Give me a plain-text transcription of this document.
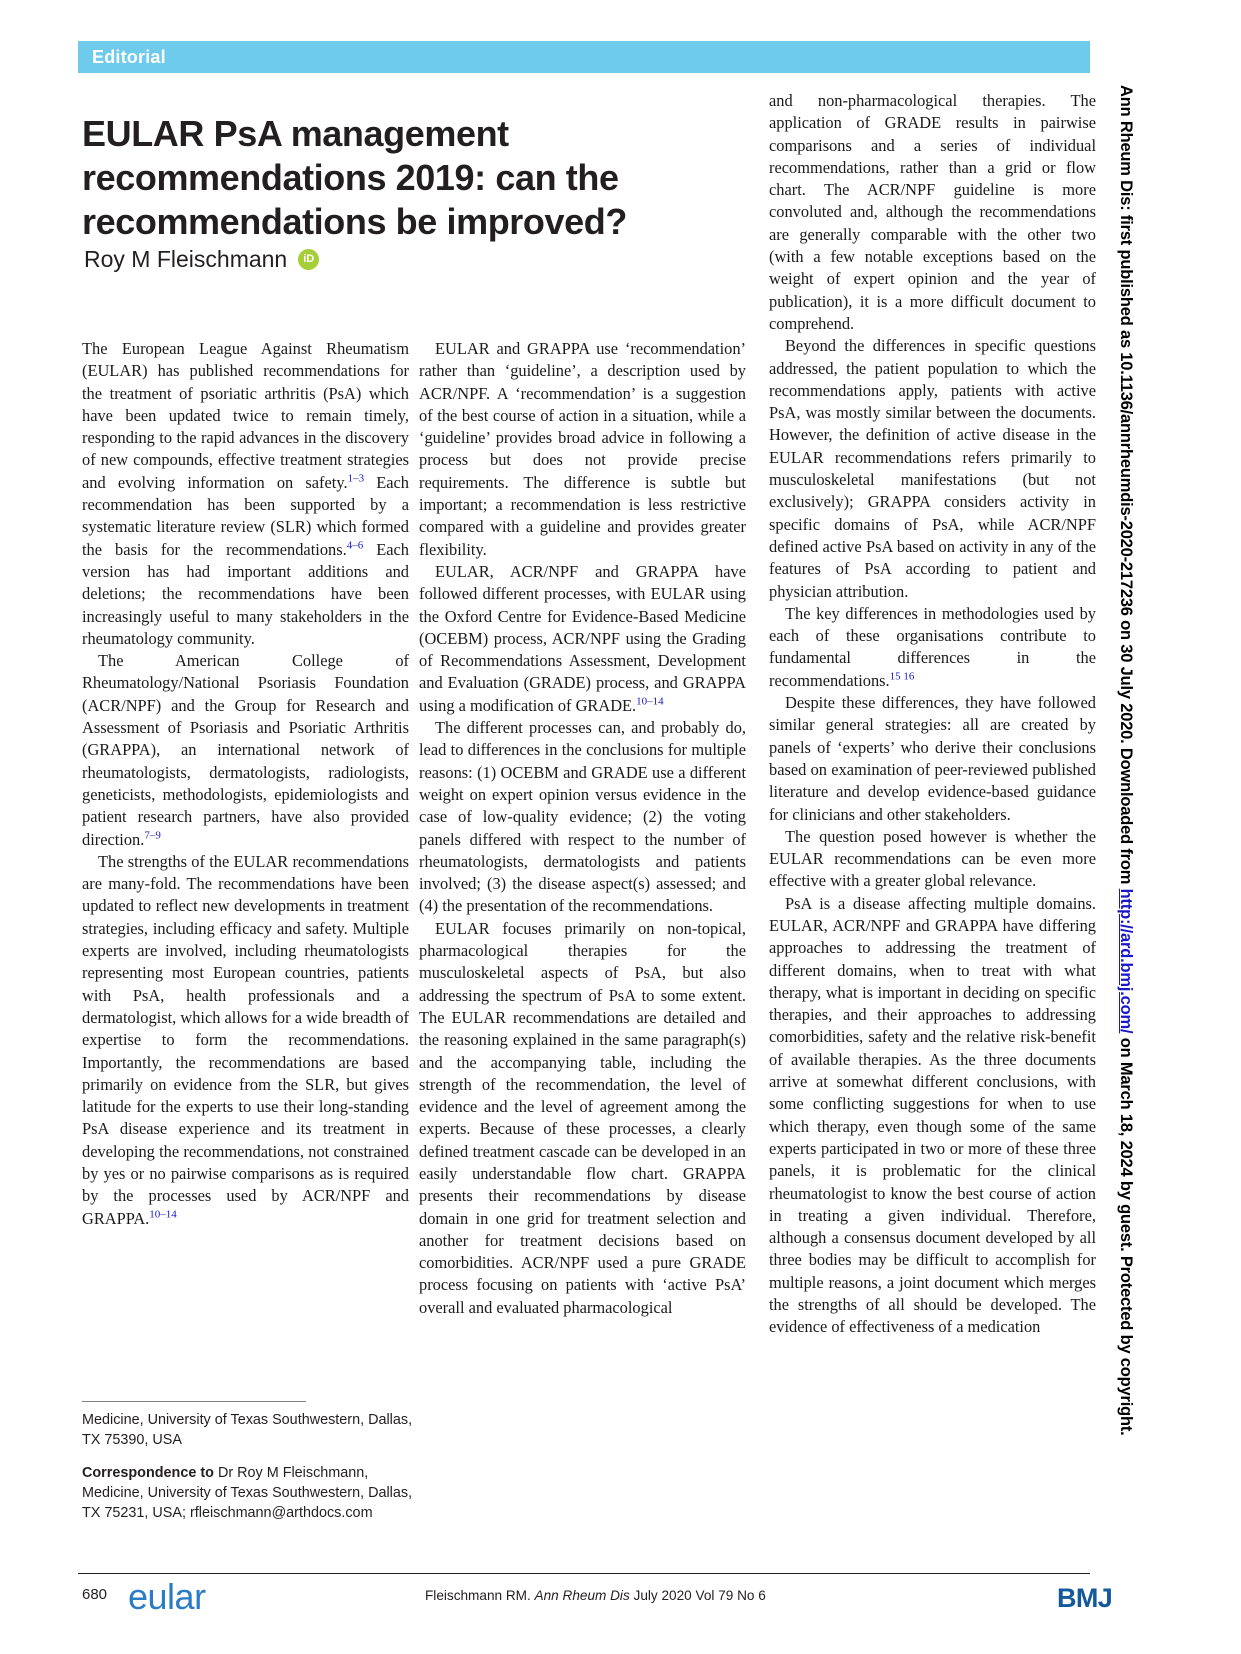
Editorial
EULAR PsA management recommendations 2019: can the recommendations be improved?
Roy M Fleischmann iD

The European League Against Rheumatism (EULAR) has published recommendations for the treatment of psoriatic arthritis (PsA) which have been updated twice to remain timely, responding to the rapid advances in the discovery of new compounds, effective treatment strategies and evolving information on safety.$^{1-3}$ Each recommendation has been supported by a systematic literature review (SLR) which formed the basis for the recommendations.$^{4-6}$ Each version has had important additions and deletions; the recommendations have been increasingly useful to many stakeholders in the rheumatology community.

The American College of Rheumatology/National Psoriasis Foundation (ACR/NPF) and the Group for Research and Assessment of Psoriasis and Psoriatic Arthritis (GRAPPA), an international network of rheumatologists, dermatologists, radiologists, geneticists, methodologists, epidemiologists and patient research partners, have also provided direction.$^{7-9}$

The strengths of the EULAR recommendations are many-fold. The recommendations have been updated to reflect new developments in treatment strategies, including efficacy and safety. Multiple experts are involved, including rheumatologists representing most European countries, patients with PsA, health professionals and a dermatologist, which allows for a wide breadth of expertise to form the recommendations. Importantly, the recommendations are based primarily on evidence from the SLR, but gives latitude for the experts to use their long-standing PsA disease experience and its treatment in developing the recommendations, not constrained by yes or no pairwise comparisons as is required by the processes used by ACR/NPF and GRAPPA.$^{10-14}$

EULAR and GRAPPA use ‘recommendation’ rather than ‘guideline’, a description used by ACR/NPF. A ‘recommendation’ is a suggestion of the best course of action in a situation, while a ‘guideline’ provides broad advice in following a process but does not provide precise requirements. The difference is subtle but important; a recommendation is less restrictive compared with a guideline and provides greater flexibility.

EULAR, ACR/NPF and GRAPPA have followed different processes, with EULAR using the Oxford Centre for Evidence-Based Medicine (OCEBM) process, ACR/NPF using the Grading of Recommendations Assessment, Development and Evaluation (GRADE) process, and GRAPPA using a modification of GRADE.$^{10-14}$

The different processes can, and probably do, lead to differences in the conclusions for multiple reasons: (1) OCEBM and GRADE use a different weight on expert opinion versus evidence in the case of low-quality evidence; (2) the voting panels differed with respect to the number of rheumatologists, dermatologists and patients involved; (3) the disease aspect(s) assessed; and (4) the presentation of the recommendations.

EULAR focuses primarily on non-topical, pharmacological therapies for the musculoskeletal aspects of PsA, but also addressing the spectrum of PsA to some extent. The EULAR recommendations are detailed and the reasoning explained in the same paragraph(s) and the accompanying table, including the strength of the recommendation, the level of evidence and the level of agreement among the experts. Because of these processes, a clearly defined treatment cascade can be developed in an easily understandable flow chart. GRAPPA presents their recommendations by disease domain in one grid for treatment selection and another for treatment decisions based on comorbidities. ACR/NPF used a pure GRADE process focusing on patients with ‘active PsA’ overall and evaluated pharmacological

and non-pharmacological therapies. The application of GRADE results in pairwise comparisons and a series of individual recommendations, rather than a grid or flow chart. The ACR/NPF guideline is more convoluted and, although the recommendations are generally comparable with the other two (with a few notable exceptions based on the weight of expert opinion and the year of publication), it is a more difficult document to comprehend.

Beyond the differences in specific questions addressed, the patient population to which the recommendations apply, patients with active PsA, was mostly similar between the documents. However, the definition of active disease in the EULAR recommendations refers primarily to musculoskeletal manifestations (but not exclusively); GRAPPA considers activity in specific domains of PsA, while ACR/NPF defined active PsA based on activity in any of the features of PsA according to patient and physician attribution.

The key differences in methodologies used by each of these organisations contribute to fundamental differences in the recommendations.$^{15 16}$

Despite these differences, they have followed similar general strategies: all are created by panels of ‘experts’ who derive their conclusions based on examination of peer-reviewed published literature and develop evidence-based guidance for clinicians and other stakeholders.

The question posed however is whether the EULAR recommendations can be even more effective with a greater global relevance.

PsA is a disease affecting multiple domains. EULAR, ACR/NPF and GRAPPA have differing approaches to addressing the treatment of different domains, when to treat with what therapy, what is important in deciding on specific therapies, and their approaches to addressing comorbidities, safety and the relative risk-benefit of available therapies. As the three documents arrive at somewhat different conclusions, with some conflicting suggestions for when to use which therapy, even though some of the same experts participated in two or more of these three panels, it is problematic for the clinical rheumatologist to know the best course of action in treating a given individual. Therefore, although a consensus document developed by all three bodies may be difficult to accomplish for multiple reasons, a joint document which merges the strengths of all should be developed. The evidence of effectiveness of a medication

Medicine, University of Texas Southwestern, Dallas, TX 75390, USA

Correspondence to Dr Roy M Fleischmann, Medicine, University of Texas Southwestern, Dallas, TX 75231, USA; rfleischmann@arthdocs.com

680 eular	Fleischmann RM. Ann Rheum Dis July 2020 Vol 79 No 6	BMJ
Ann Rheum Dis: first published as 10.1136/annrheumdis-2020-217236 on 30 July 2020. Downloaded from http://ard.bmj.com/ on March 18, 2024 by guest. Protected by copyright.
